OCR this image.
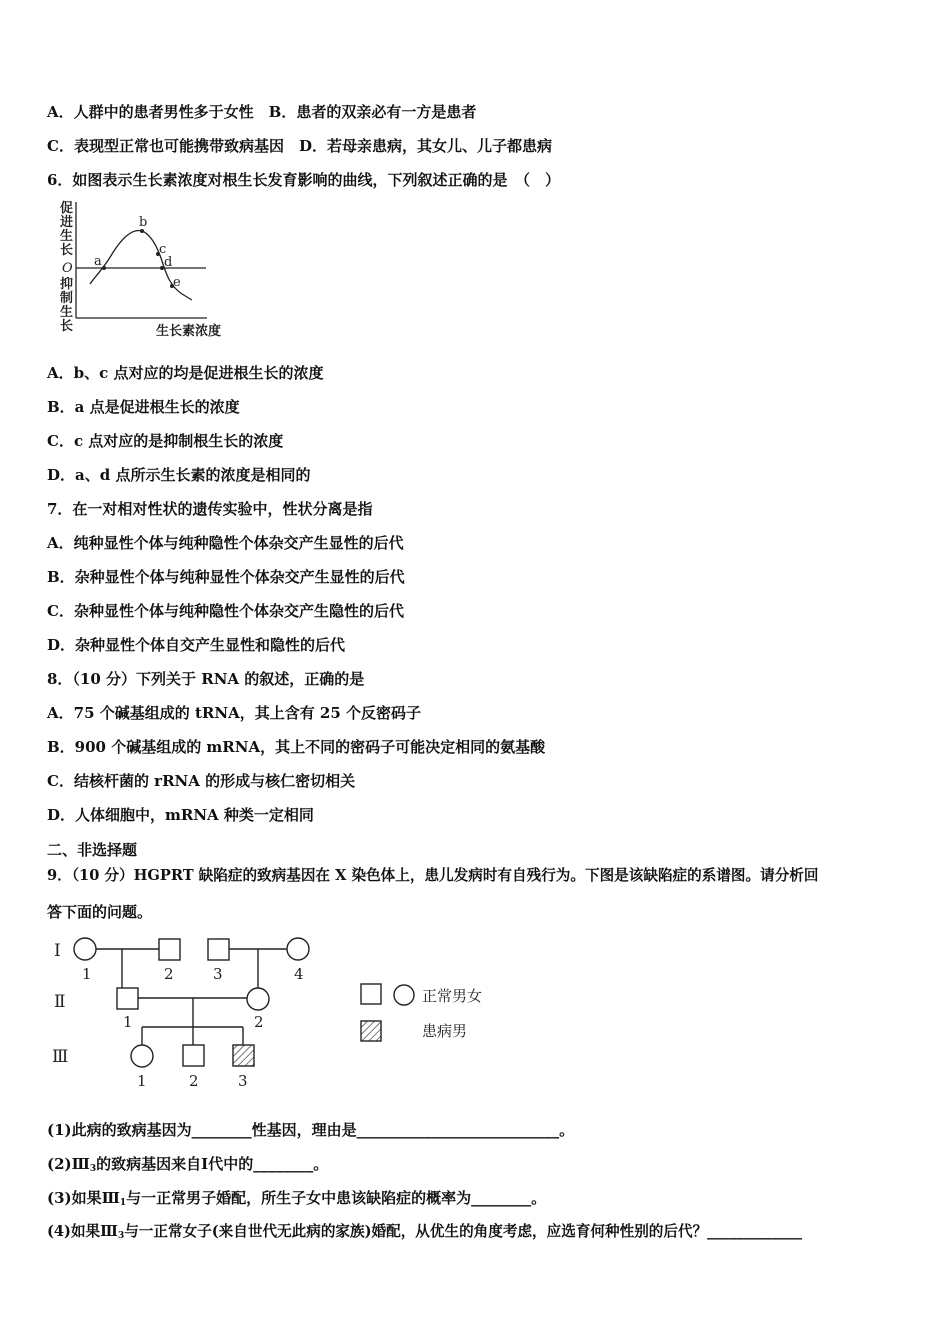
A．人群中的患者男性多于女性　B．患者的双亲必有一方是患者
C．表现型正常也可能携带致病基因　D．若母亲患病，其女儿、儿子都患病
6．如图表示生长素浓度对根生长发育影响的曲线，下列叙述正确的是　（　）
a
b
c
d
e
促
进
生
长
O
抑
制
生
长	生长素浓度
A．b、c 点对应的均是促进根生长的浓度
B．a 点是促进根生长的浓度
C．c 点对应的是抑制根生长的浓度
D．a、d 点所示生长素的浓度是相同的
7．在一对相对性状的遗传实验中，性状分离是指
A．纯种显性个体与纯种隐性个体杂交产生显性的后代
B．杂种显性个体与纯种显性个体杂交产生显性的后代
C．杂种显性个体与纯种隐性个体杂交产生隐性的后代
D．杂种显性个体自交产生显性和隐性的后代
8．（10 分）下列关于 RNA 的叙述，正确的是
A．75 个碱基组成的 tRNA，其上含有 25 个反密码子
B．900 个碱基组成的 mRNA，其上不同的密码子可能决定相同的氨基酸
C．结核杆菌的 rRNA 的形成与核仁密切相关
D．人体细胞中，mRNA 种类一定相同
二、非选择题
9．（10 分）HGPRT 缺陷症的致病基因在 X 染色体上，患儿发病时有自残行为。下图是该缺陷症的系谱图。请分析回
答下面的问题。
Ⅰ
Ⅱ
Ⅲ
1	2	3	4
1	2
1	2	3
正常男女
患病男
(1)此病的致病基因为________性基因，理由是___________________________。
$(2)Ⅲ_3$的致病基因来自Ⅰ代中的________。
(3)如果$Ⅲ_1$与一正常男子婚配，所生子女中患该缺陷症的概率为________。
(4)如果$Ⅲ_3$与一正常女子(来自世代无此病的家族)婚配，从优生的角度考虑，应选育何种性别的后代？_____________
